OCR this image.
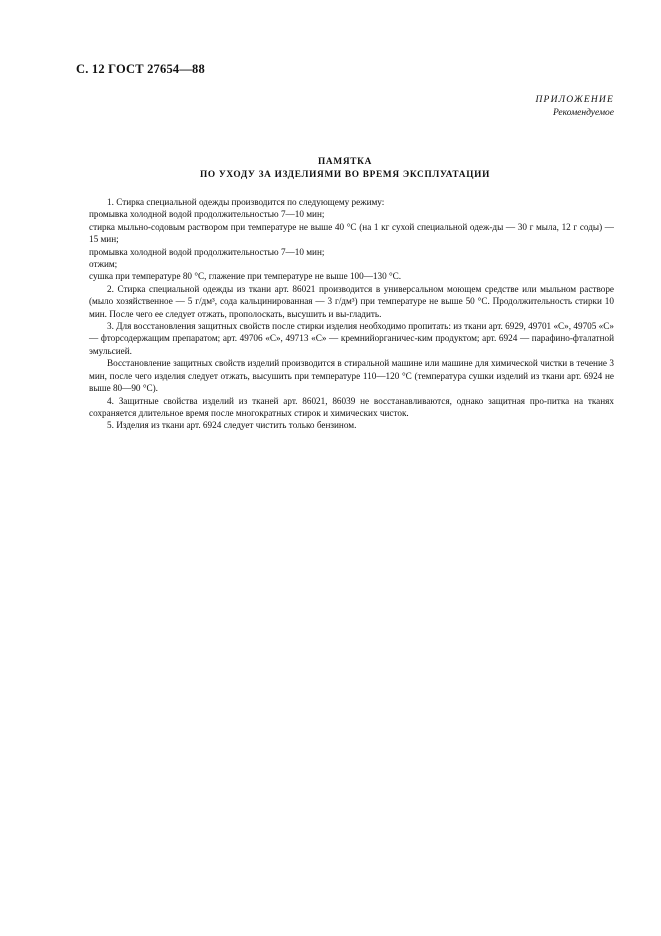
С. 12 ГОСТ 27654—88
ПРИЛОЖЕНИЕ
Рекомендуемое
ПАМЯТКА
ПО УХОДУ ЗА ИЗДЕЛИЯМИ ВО ВРЕМЯ ЭКСПЛУАТАЦИИ

1. Стирка специальной одежды производится по следующему режиму:

промывка холодной водой продолжительностью 7—10 мин;

стирка мыльно-содовым раствором при температуре не выше 40 °С (на 1 кг сухой специальной одеж-ды — 30 г мыла, 12 г соды) — 15 мин;

промывка холодной водой продолжительностью 7—10 мин;

отжим;

сушка при температуре 80 °С, глажение при температуре не выше 100—130 °С.

2. Стирка специальной одежды из ткани арт. 86021 производится в универсальном моющем средстве или мыльном растворе (мыло хозяйственное — 5 г/дм³, сода кальцинированная — 3 г/дм³) при температуре не выше 50 °С. Продолжительность стирки 10 мин. После чего ее следует отжать, прополоскать, высушить и вы-гладить.

3. Для восстановления защитных свойств после стирки изделия необходимо пропитать: из ткани арт. 6929, 49701 «С», 49705 «С» — фторсодержащим препаратом; арт. 49706 «С», 49713 «С» — кремнийорганичес-ким продуктом; арт. 6924 — парафино-фталатной эмульсией.

Восстановление защитных свойств изделий производится в стиральной машине или машине для химической чистки в течение 3 мин, после чего изделия следует отжать, высушить при температуре 110—120 °С (температура сушки изделий из ткани арт. 6924 не выше 80—90 °С).

4. Защитные свойства изделий из тканей арт. 86021, 86039 не восстанавливаются, однако защитная про-питка на тканях сохраняется длительное время после многократных стирок и химических чисток.

5. Изделия из ткани арт. 6924 следует чистить только бензином.
